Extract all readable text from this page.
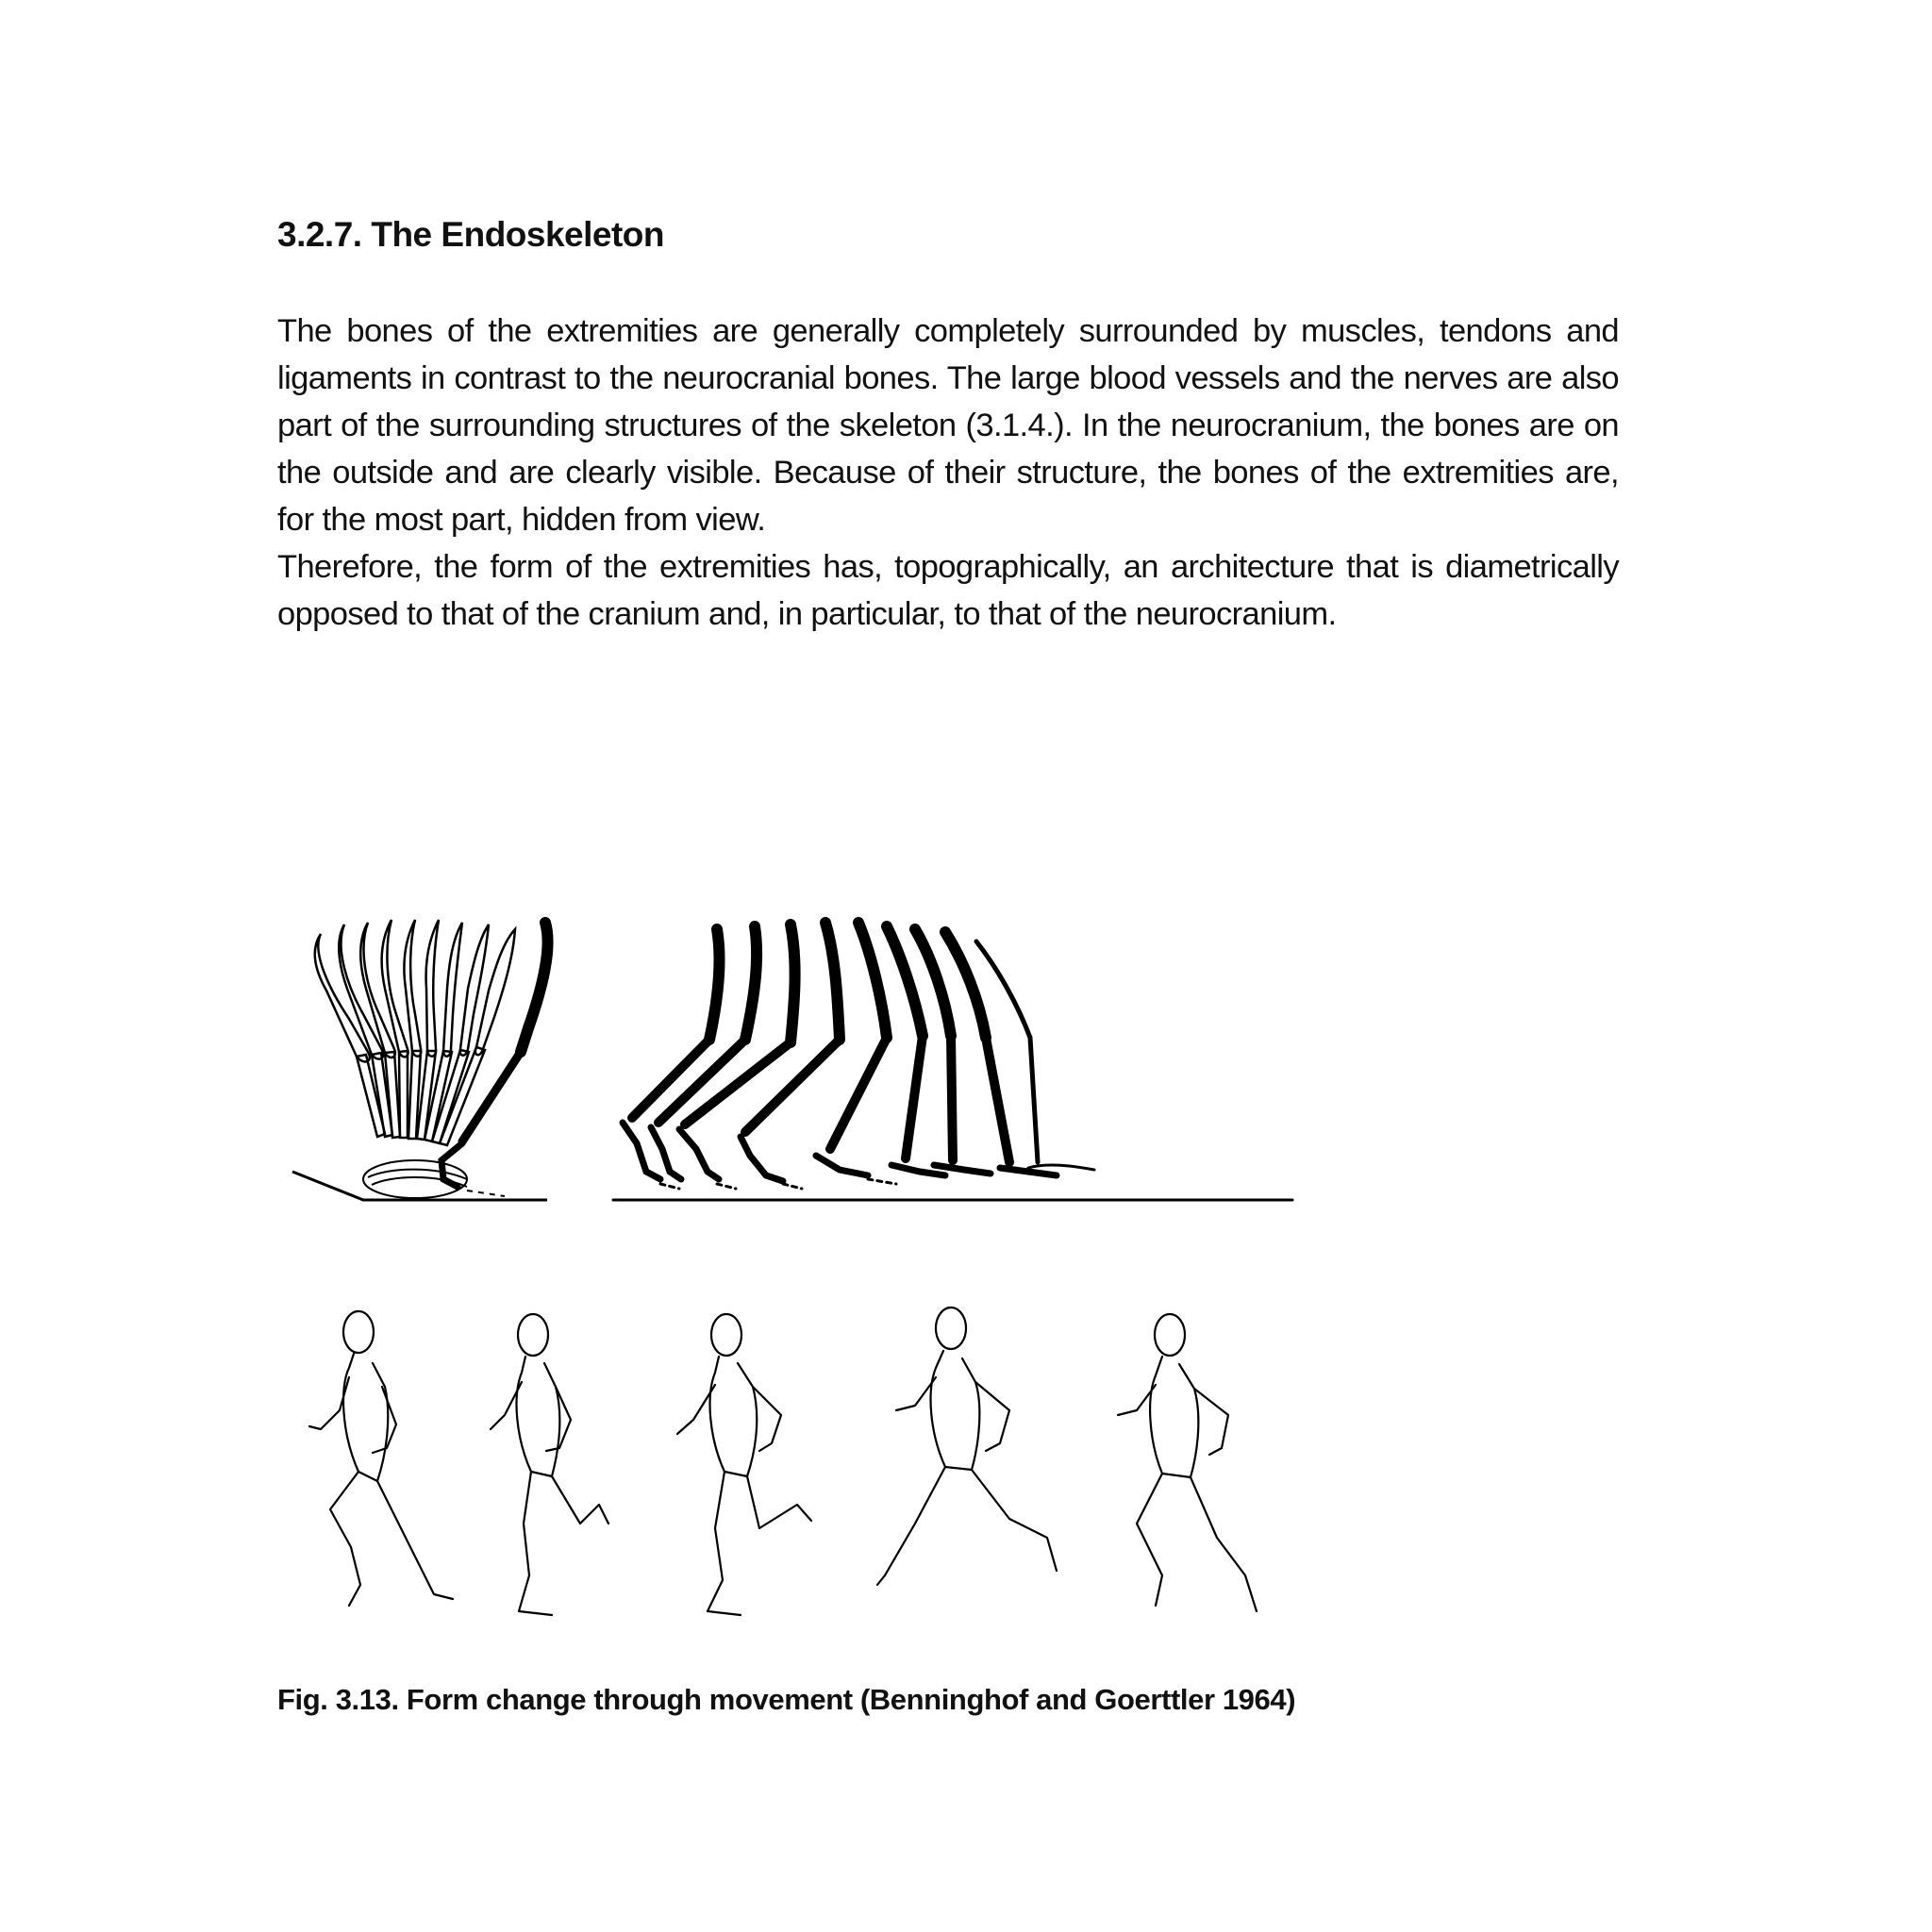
3.2.7. The Endoskeleton

The bones of the extremities are generally completely surrounded by muscles, tendons and ligaments in contrast to the neurocranial bones. The large blood vessels and the nerves are also part of the surrounding structures of the skeleton (3.1.4.). In the neurocranium, the bones are on the outside and are clearly visible. Because of their structure, the bones of the extremities are, for the most part, hidden from view.

Therefore, the form of the extremities has, topographically, an architecture that is diametrically opposed to that of the cranium and, in particular, to that of the neurocranium.

Fig. 3.13. Form change through movement (Benninghof and Goerttler 1964)
